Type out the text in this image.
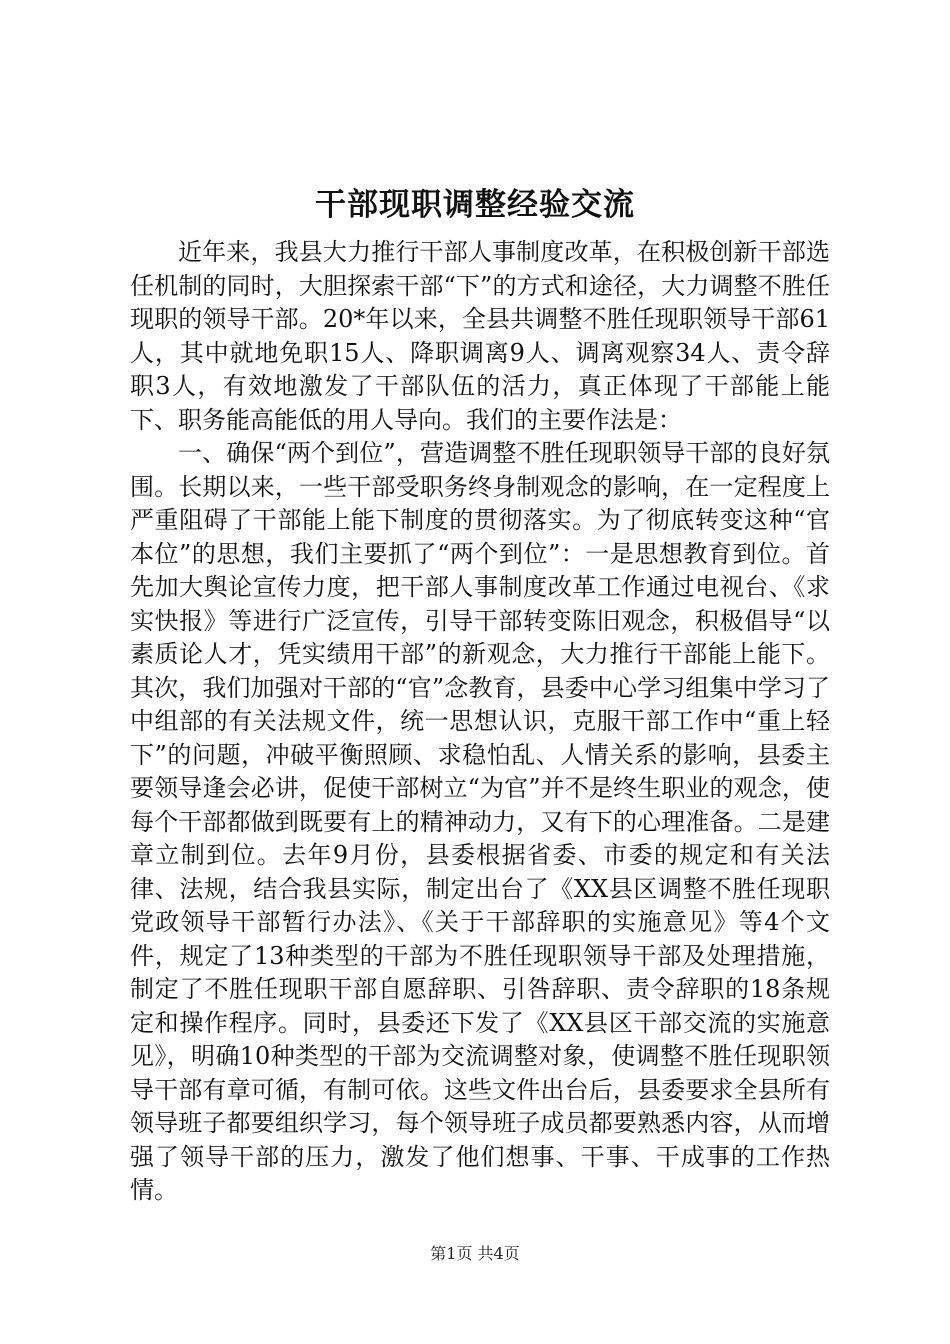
干部现职调整经验交流

近年来，我县大力推行干部人事制度改革，在积极创新干部选任机制的同时，大胆探索干部“下”的方式和途径，大力调整不胜任现职的领导干部。20*年以来，全县共调整不胜任现职领导干部61人，其中就地免职15人、降职调离9人、调离观察34人、责令辞职3人，有效地激发了干部队伍的活力，真正体现了干部能上能下、职务能高能低的用人导向。我们的主要作法是：

一、确保“两个到位”，营造调整不胜任现职领导干部的良好氛围。长期以来，一些干部受职务终身制观念的影响，在一定程度上严重阻碍了干部能上能下制度的贯彻落实。为了彻底转变这种“官本位”的思想，我们主要抓了“两个到位”：一是思想教育到位。首先加大舆论宣传力度，把干部人事制度改革工作通过电视台、《求实快报》等进行广泛宣传，引导干部转变陈旧观念，积极倡导“以素质论人才，凭实绩用干部”的新观念，大力推行干部能上能下。其次，我们加强对干部的“官”念教育，县委中心学习组集中学习了中组部的有关法规文件，统一思想认识，克服干部工作中“重上轻下”的问题，冲破平衡照顾、求稳怕乱、人情关系的影响，县委主要领导逢会必讲，促使干部树立“为官”并不是终生职业的观念，使每个干部都做到既要有上的精神动力，又有下的心理准备。二是建章立制到位。去年9月份，县委根据省委、市委的规定和有关法律、法规，结合我县实际，制定出台了《XX县区调整不胜任现职党政领导干部暂行办法》、《关于干部辞职的实施意见》等4个文件，规定了13种类型的干部为不胜任现职领导干部及处理措施，制定了不胜任现职干部自愿辞职、引咎辞职、责令辞职的18条规定和操作程序。同时，县委还下发了《XX县区干部交流的实施意见》，明确10种类型的干部为交流调整对象，使调整不胜任现职领导干部有章可循，有制可依。这些文件出台后，县委要求全县所有领导班子都要组织学习，每个领导班子成员都要熟悉内容，从而增强了领导干部的压力，激发了他们想事、干事、干成事的工作热情。

第1页 共4页
